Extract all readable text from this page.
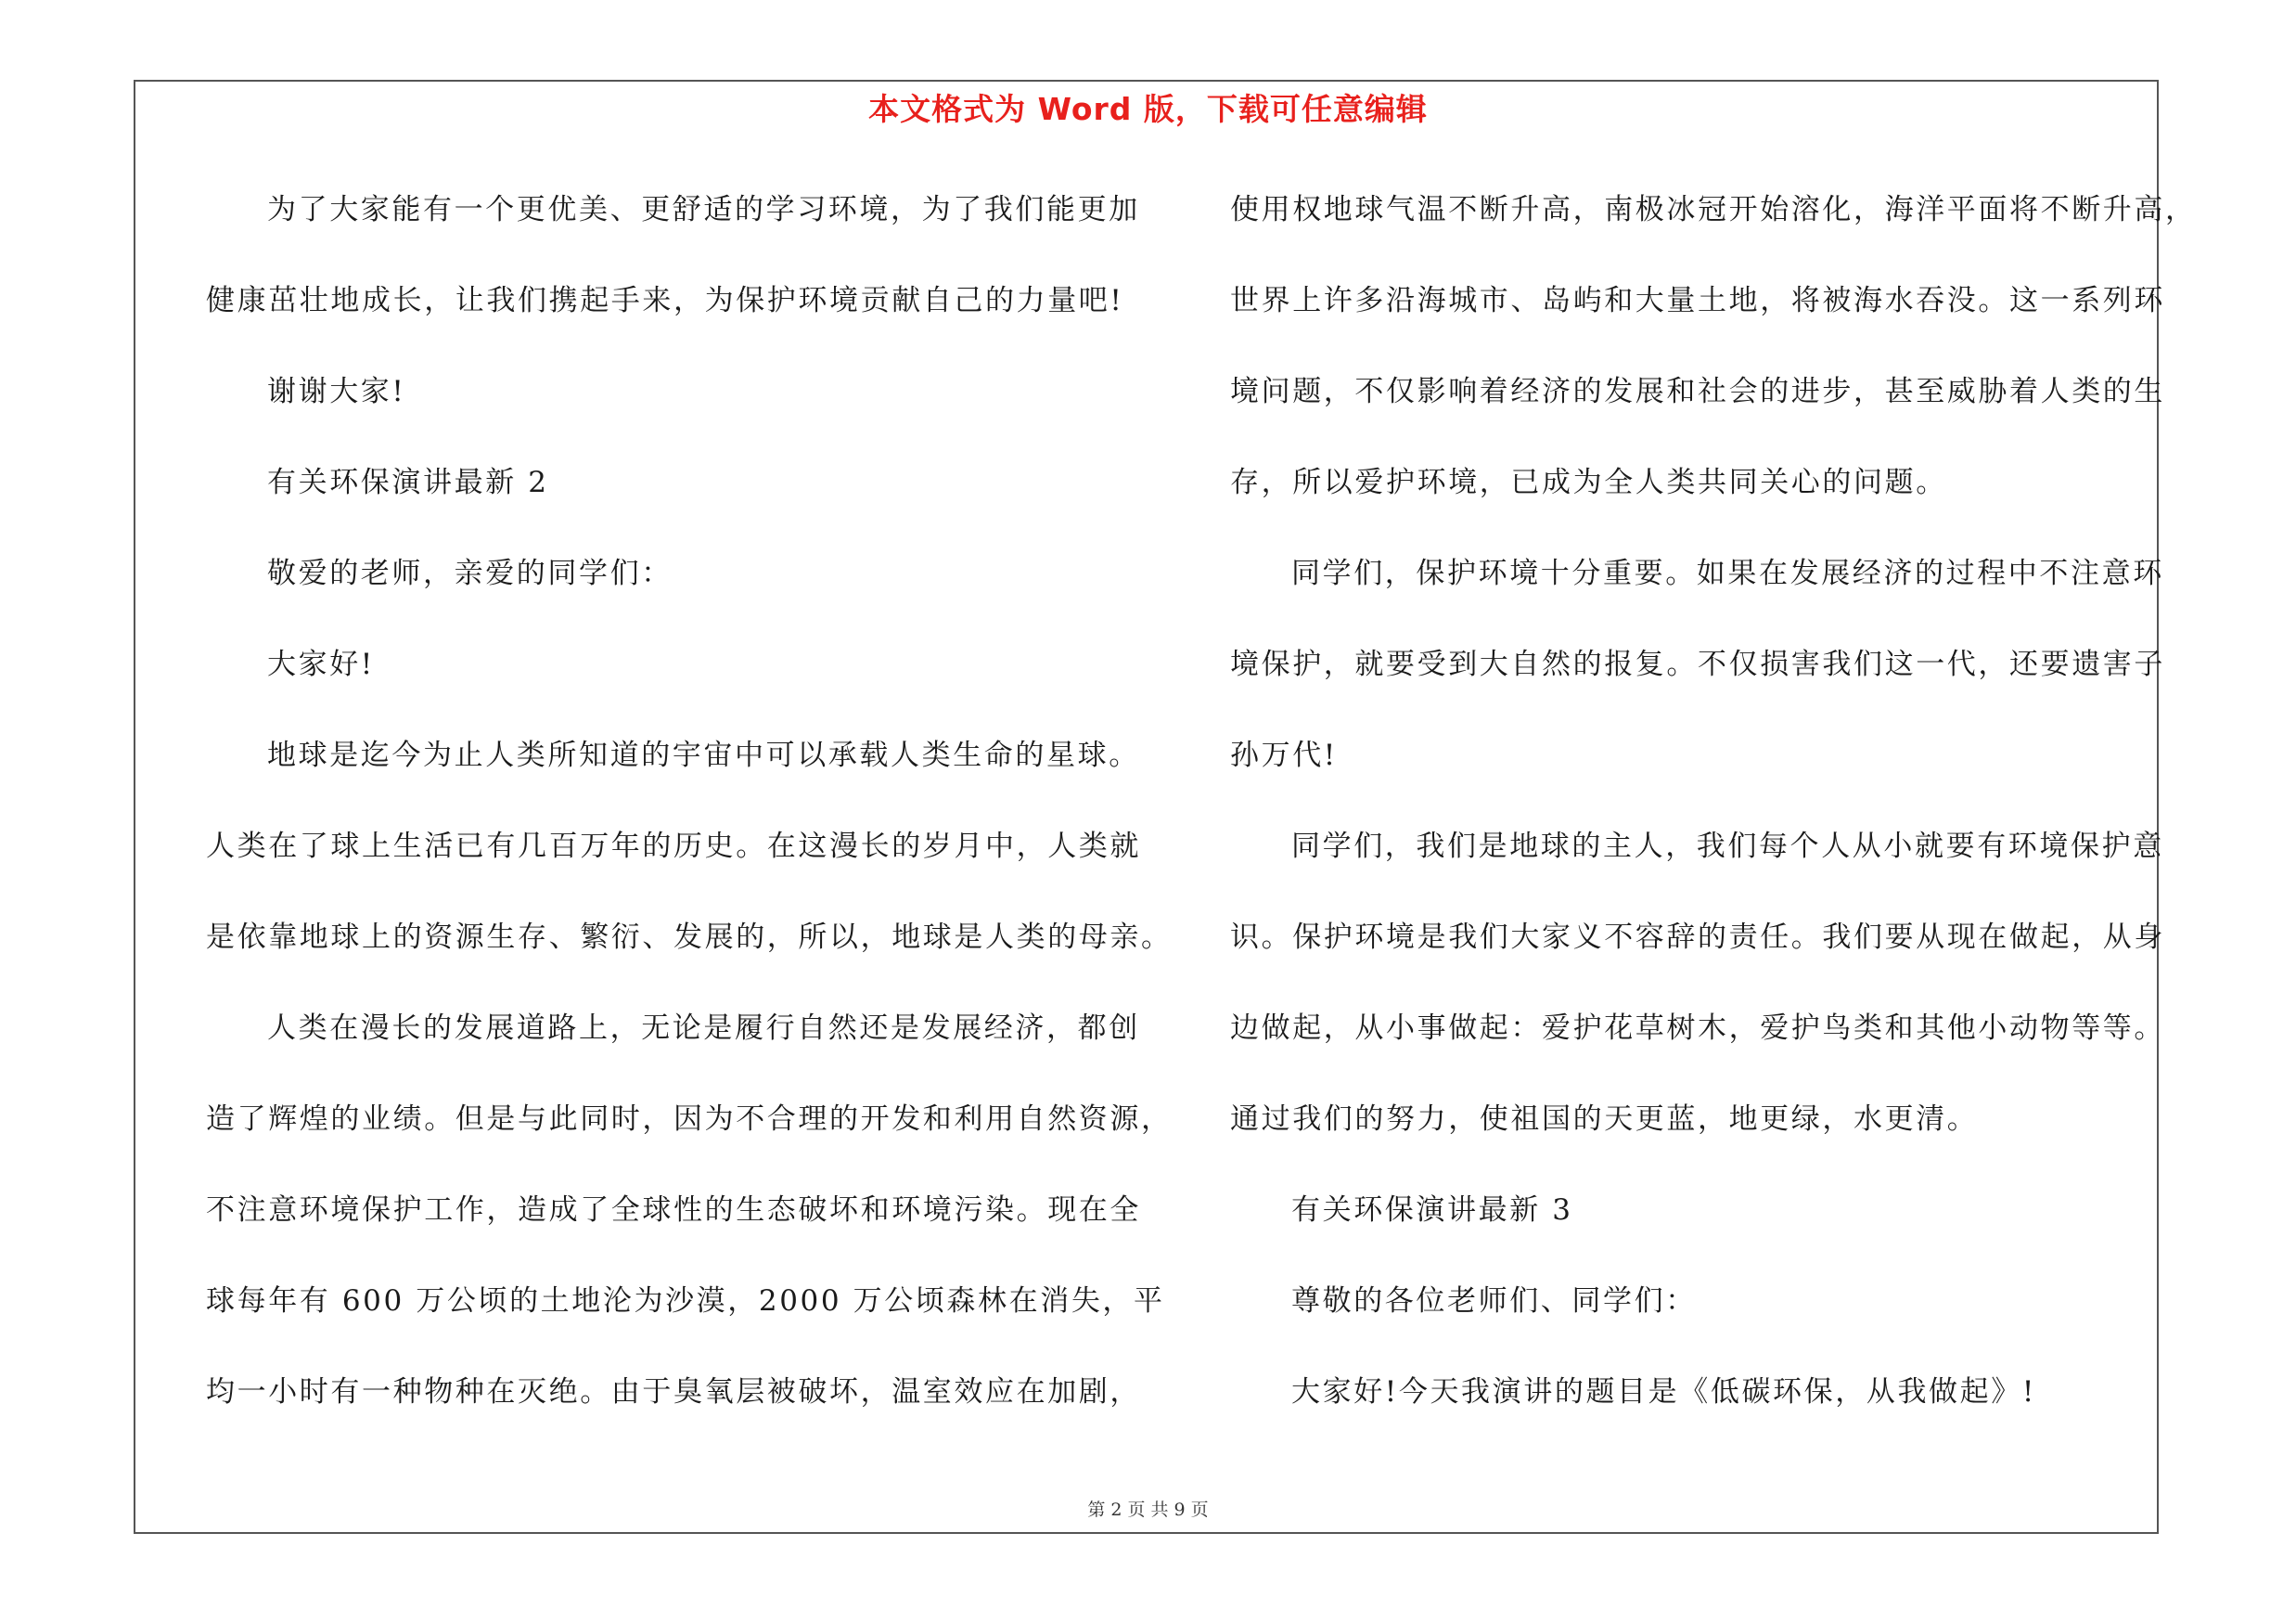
本文格式为 Word 版，下载可任意编辑
为了大家能有一个更优美、更舒适的学习环境，为了我们能更加
健康茁壮地成长，让我们携起手来，为保护环境贡献自己的力量吧!
谢谢大家!
有关环保演讲最新 2
敬爱的老师，亲爱的同学们：
大家好!
地球是迄今为止人类所知道的宇宙中可以承载人类生命的星球。
人类在了球上生活已有几百万年的历史。在这漫长的岁月中，人类就
是依靠地球上的资源生存、繁衍、发展的，所以，地球是人类的母亲。
人类在漫长的发展道路上，无论是履行自然还是发展经济，都创
造了辉煌的业绩。但是与此同时，因为不合理的开发和利用自然资源，
不注意环境保护工作，造成了全球性的生态破坏和环境污染。现在全
球每年有 600 万公顷的土地沦为沙漠，2000 万公顷森林在消失，平
均一小时有一种物种在灭绝。由于臭氧层被破坏，温室效应在加剧，
使用权地球气温不断升高，南极冰冠开始溶化，海洋平面将不断升高，
世界上许多沿海城市、岛屿和大量土地，将被海水吞没。这一系列环
境问题，不仅影响着经济的发展和社会的进步，甚至威胁着人类的生
存，所以爱护环境，已成为全人类共同关心的问题。
同学们，保护环境十分重要。如果在发展经济的过程中不注意环
境保护，就要受到大自然的报复。不仅损害我们这一代，还要遗害子
孙万代!
同学们，我们是地球的主人，我们每个人从小就要有环境保护意
识。保护环境是我们大家义不容辞的责任。我们要从现在做起，从身
边做起，从小事做起：爱护花草树木，爱护鸟类和其他小动物等等。
通过我们的努力，使祖国的天更蓝，地更绿，水更清。
有关环保演讲最新 3
尊敬的各位老师们、同学们：
大家好!今天我演讲的题目是《低碳环保，从我做起》!
第 2 页 共 9 页
